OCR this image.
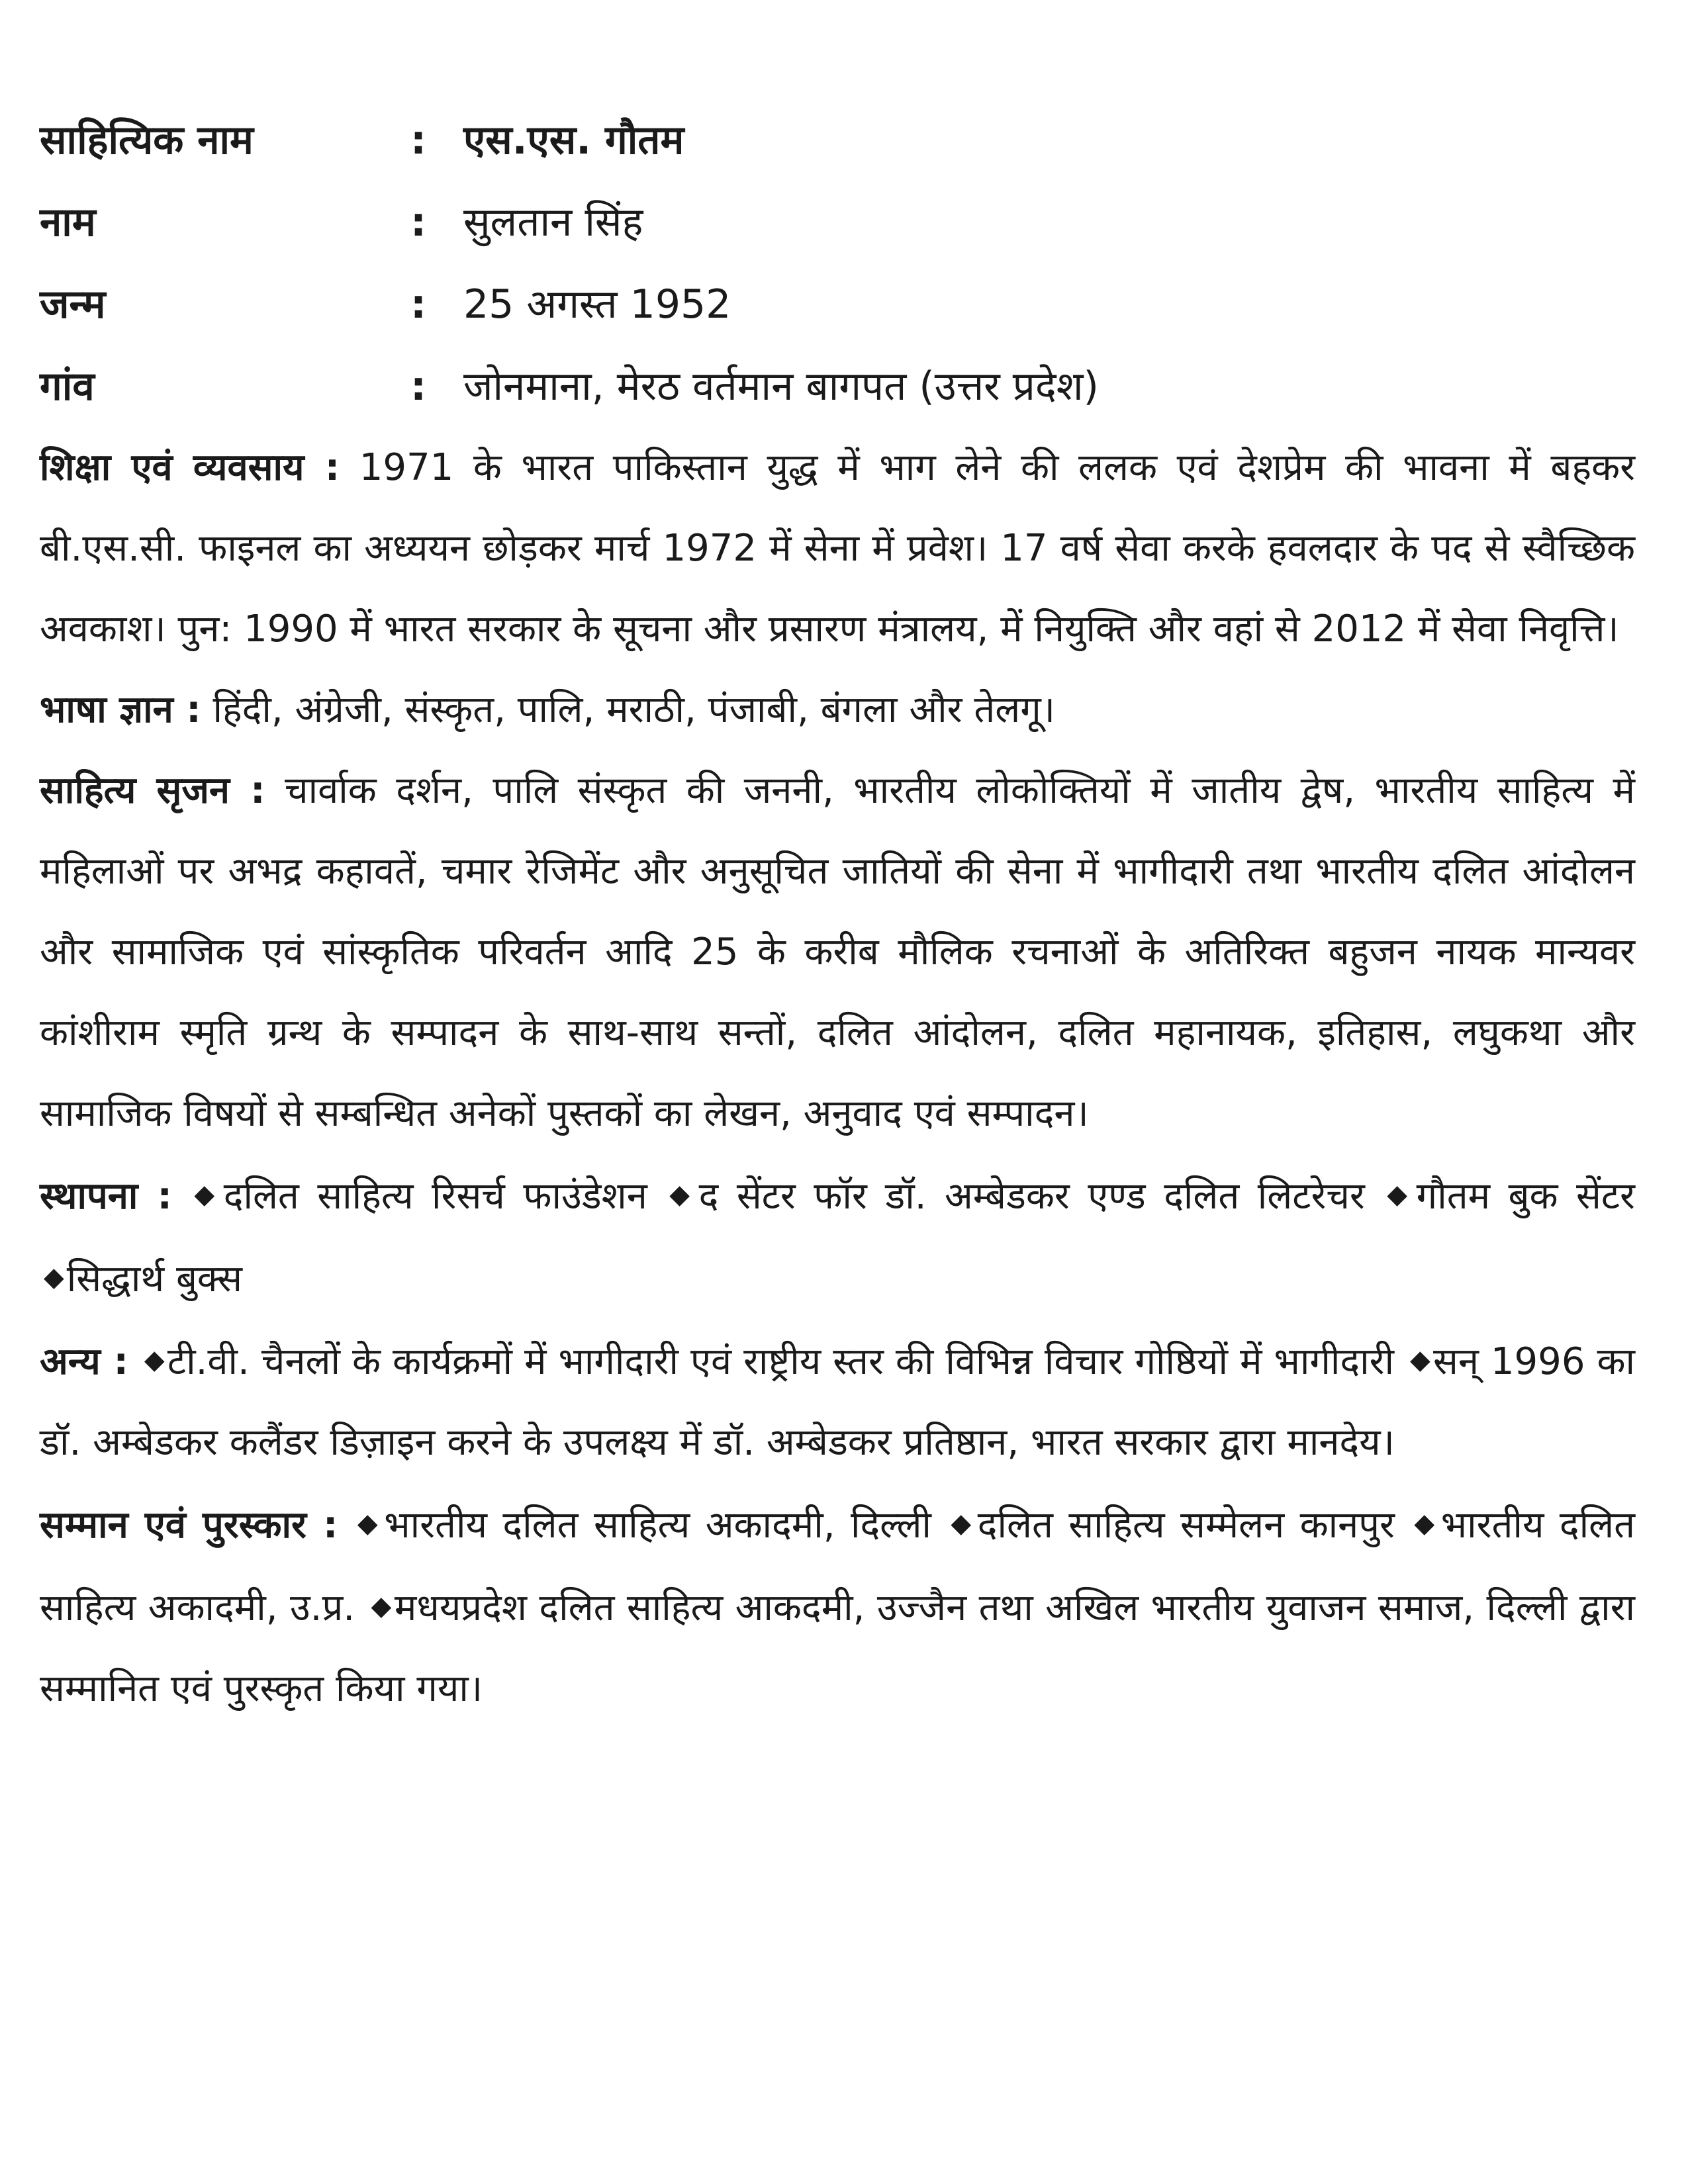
साहित्यिक नाम	: एस.एस. गौतम
नाम	: सुलतान सिंह
जन्म	: 25 अगस्त 1952
गांव	: जोनमाना, मेरठ वर्तमान बागपत (उत्तर प्रदेश)

शिक्षा एवं व्यवसाय : 1971 के भारत पाकिस्तान युद्ध में भाग लेने की ललक एवं देशप्रेम की भावना में बहकर बी.एस.सी. फाइनल का अध्ययन छोड़कर मार्च 1972 में सेना में प्रवेश। 17 वर्ष सेवा करके हवलदार के पद से स्वैच्छिक अवकाश। पुन: 1990 में भारत सरकार के सूचना और प्रसारण मंत्रालय, में नियुक्ति और वहां से 2012 में सेवा निवृत्ति।

भाषा ज्ञान : हिंदी, अंग्रेजी, संस्कृत, पालि, मराठी, पंजाबी, बंगला और तेलगू।

साहित्य सृजन : चार्वाक दर्शन, पालि संस्कृत की जननी, भारतीय लोकोक्तियों में जातीय द्वेष, भारतीय साहित्य में महिलाओं पर अभद्र कहावतें, चमार रेजिमेंट और अनुसूचित जातियों की सेना में भागीदारी तथा भारतीय दलित आंदोलन और सामाजिक एवं सांस्कृतिक परिवर्तन आदि 25 के करीब मौलिक रचनाओं के अतिरिक्त बहुजन नायक मान्यवर कांशीराम स्मृति ग्रन्थ के सम्पादन के साथ-साथ सन्तों, दलित आंदोलन, दलित महानायक, इतिहास, लघुकथा और सामाजिक विषयों से सम्बन्धित अनेकों पुस्तकों का लेखन, अनुवाद एवं सम्पादन।

स्थापना : ◆दलित साहित्य रिसर्च फाउंडेशन ◆द सेंटर फॉर डॉ. अम्बेडकर एण्ड दलित लिटरेचर ◆गौतम बुक सेंटर ◆सिद्धार्थ बुक्स

अन्य : ◆टी.वी. चैनलों के कार्यक्रमों में भागीदारी एवं राष्ट्रीय स्तर की विभिन्न विचार गोष्ठियों में भागीदारी ◆सन् 1996 का डॉ. अम्बेडकर कलैंडर डिज़ाइन करने के उपलक्ष्य में डॉ. अम्बेडकर प्रतिष्ठान, भारत सरकार द्वारा मानदेय।

सम्मान एवं पुरस्कार : ◆भारतीय दलित साहित्य अकादमी, दिल्ली ◆दलित साहित्य सम्मेलन कानपुर ◆भारतीय दलित साहित्य अकादमी, उ.प्र. ◆मधयप्रदेश दलित साहित्य आकदमी, उज्जैन तथा अखिल भारतीय युवाजन समाज, दिल्ली द्वारा सम्मानित एवं पुरस्कृत किया गया।
